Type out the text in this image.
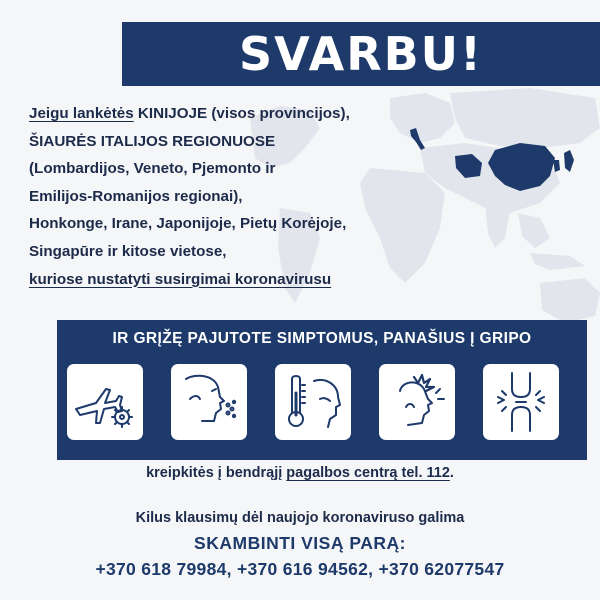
SVARBU!
Jeigu lankėtės KINIJOJE (visos provincijos),
ŠIAURĖS ITALIJOS REGIONUOSE
(Lombardijos, Veneto, Pjemonto ir
Emilijos-Romanijos regionai),
Honkonge, Irane, Japonijoje, Pietų Korėjoje,
Singapūre ir kitose vietose,
kuriose nustatyti susirgimai koronavirusu
IR GRĮŽĘ PAJUTOTE SIMPTOMUS, PANAŠIUS Į GRIPO
kreipkitės į bendrąjį pagalbos centrą tel. 112.
Kilus klausimų dėl naujojo koronaviruso galima
SKAMBINTI VISĄ PARĄ:
+370 618 79984, +370 616 94562, +370 62077547
